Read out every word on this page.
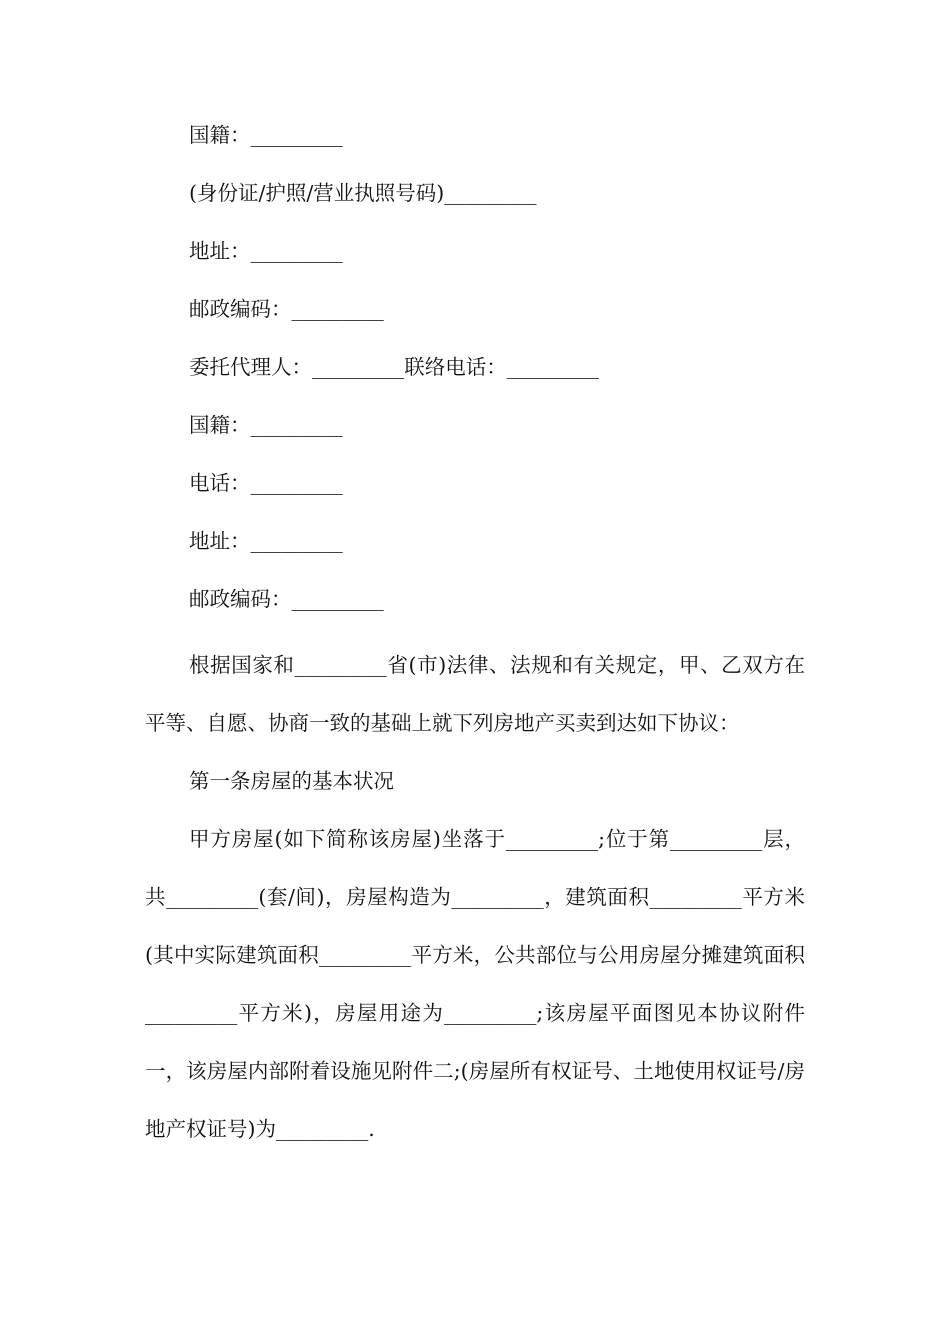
国籍：_________
(身份证/护照/营业执照号码)_________
地址：_________
邮政编码：_________
委托代理人：_________联络电话：_________
国籍：_________
电话：_________
地址：_________
邮政编码：_________

根据国家和_________省(市)法律、法规和有关规定，甲、乙双方在平等、自愿、协商一致的基础上就下列房地产买卖到达如下协议：

第一条房屋的基本状况

甲方房屋(如下简称该房屋)坐落于_________;位于第_________层，共_________(套/间)，房屋构造为_________，建筑面积_________平方米(其中实际建筑面积_________平方米，公共部位与公用房屋分摊建筑面积_________平方米)，房屋用途为_________;该房屋平面图见本协议附件一，该房屋内部附着设施见附件二;(房屋所有权证号、土地使用权证号/房地产权证号)为_________.
